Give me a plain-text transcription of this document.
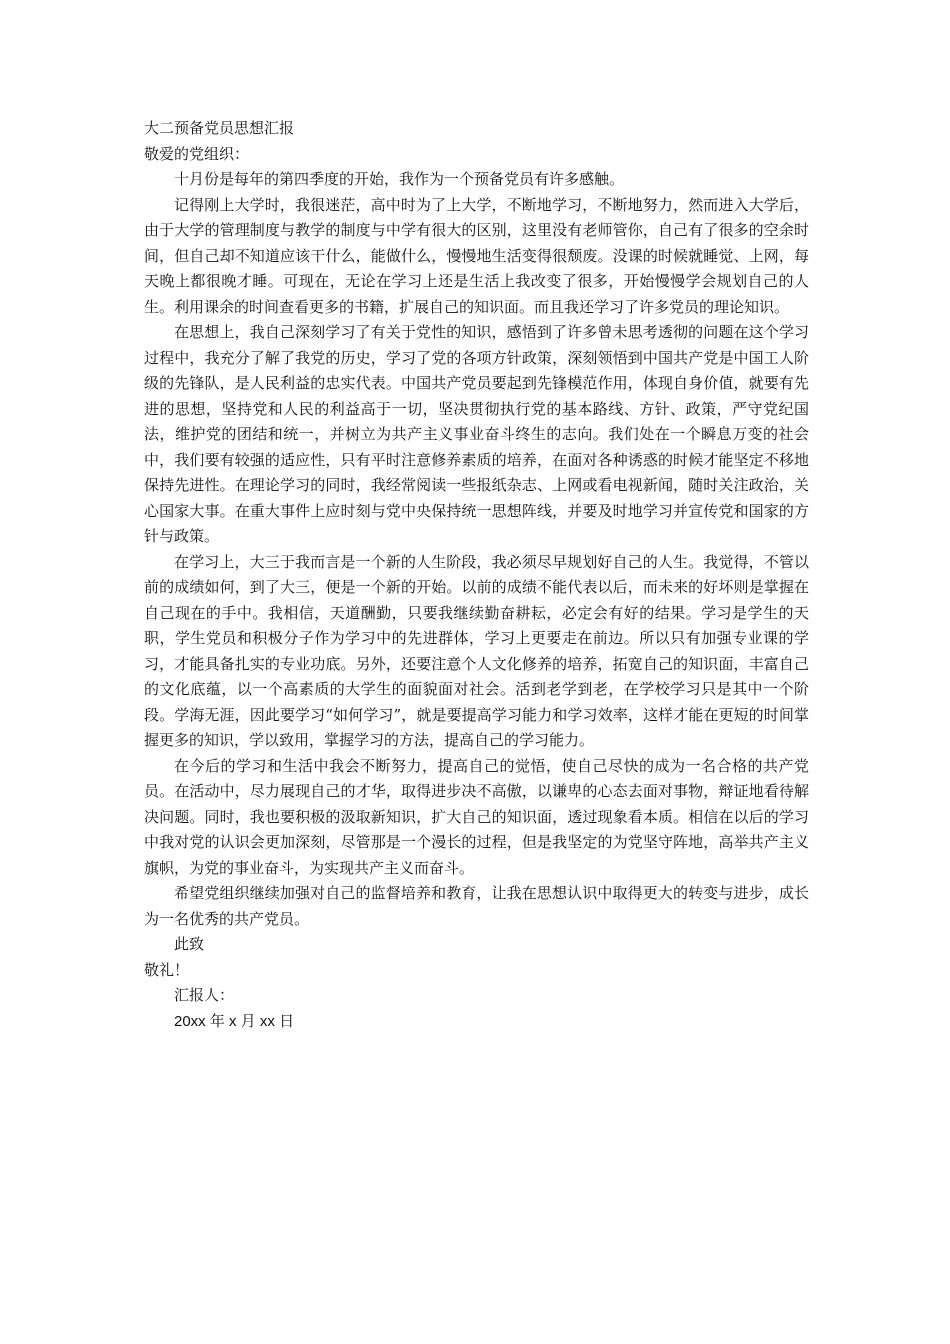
大二预备党员思想汇报

敬爱的党组织：

十月份是每年的第四季度的开始，我作为一个预备党员有许多感触。

记得刚上大学时，我很迷茫，高中时为了上大学，不断地学习，不断地努力，然而进入大学后，由于大学的管理制度与教学的制度与中学有很大的区别，这里没有老师管你，自己有了很多的空余时间，但自己却不知道应该干什么，能做什么，慢慢地生活变得很颓废。没课的时候就睡觉、上网，每天晚上都很晚才睡。可现在，无论在学习上还是生活上我改变了很多，开始慢慢学会规划自己的人生。利用课余的时间查看更多的书籍，扩展自己的知识面。而且我还学习了许多党员的理论知识。

在思想上，我自己深刻学习了有关于党性的知识，感悟到了许多曾未思考透彻的问题在这个学习过程中，我充分了解了我党的历史，学习了党的各项方针政策，深刻领悟到中国共产党是中国工人阶级的先锋队，是人民利益的忠实代表。中国共产党员要起到先锋模范作用，体现自身价值，就要有先进的思想，坚持党和人民的利益高于一切，坚决贯彻执行党的基本路线、方针、政策，严守党纪国法，维护党的团结和统一，并树立为共产主义事业奋斗终生的志向。我们处在一个瞬息万变的社会中，我们要有较强的适应性，只有平时注意修养素质的培养，在面对各种诱惑的时候才能坚定不移地保持先进性。在理论学习的同时，我经常阅读一些报纸杂志、上网或看电视新闻，随时关注政治，关心国家大事。在重大事件上应时刻与党中央保持统一思想阵线，并要及时地学习并宣传党和国家的方针与政策。

在学习上，大三于我而言是一个新的人生阶段，我必须尽早规划好自己的人生。我觉得，不管以前的成绩如何，到了大三，便是一个新的开始。以前的成绩不能代表以后，而未来的好坏则是掌握在自己现在的手中。我相信，天道酬勤，只要我继续勤奋耕耘，必定会有好的结果。学习是学生的天职，学生党员和积极分子作为学习中的先进群体，学习上更要走在前边。所以只有加强专业课的学习，才能具备扎实的专业功底。另外，还要注意个人文化修养的培养，拓宽自己的知识面，丰富自己的文化底蕴，以一个高素质的大学生的面貌面对社会。活到老学到老，在学校学习只是其中一个阶段。学海无涯，因此要学习“如何学习”，就是要提高学习能力和学习效率，这样才能在更短的时间掌握更多的知识，学以致用，掌握学习的方法，提高自己的学习能力。

在今后的学习和生活中我会不断努力，提高自己的觉悟，使自己尽快的成为一名合格的共产党员。在活动中，尽力展现自己的才华，取得进步决不高傲，以谦卑的心态去面对事物，辩证地看待解决问题。同时，我也要积极的汲取新知识，扩大自己的知识面，透过现象看本质。相信在以后的学习中我对党的认识会更加深刻，尽管那是一个漫长的过程，但是我坚定的为党坚守阵地，高举共产主义旗帜，为党的事业奋斗，为实现共产主义而奋斗。

希望党组织继续加强对自己的监督培养和教育，让我在思想认识中取得更大的转变与进步，成长为一名优秀的共产党员。

此致

敬礼！

汇报人：

20xx 年 x 月 xx 日
